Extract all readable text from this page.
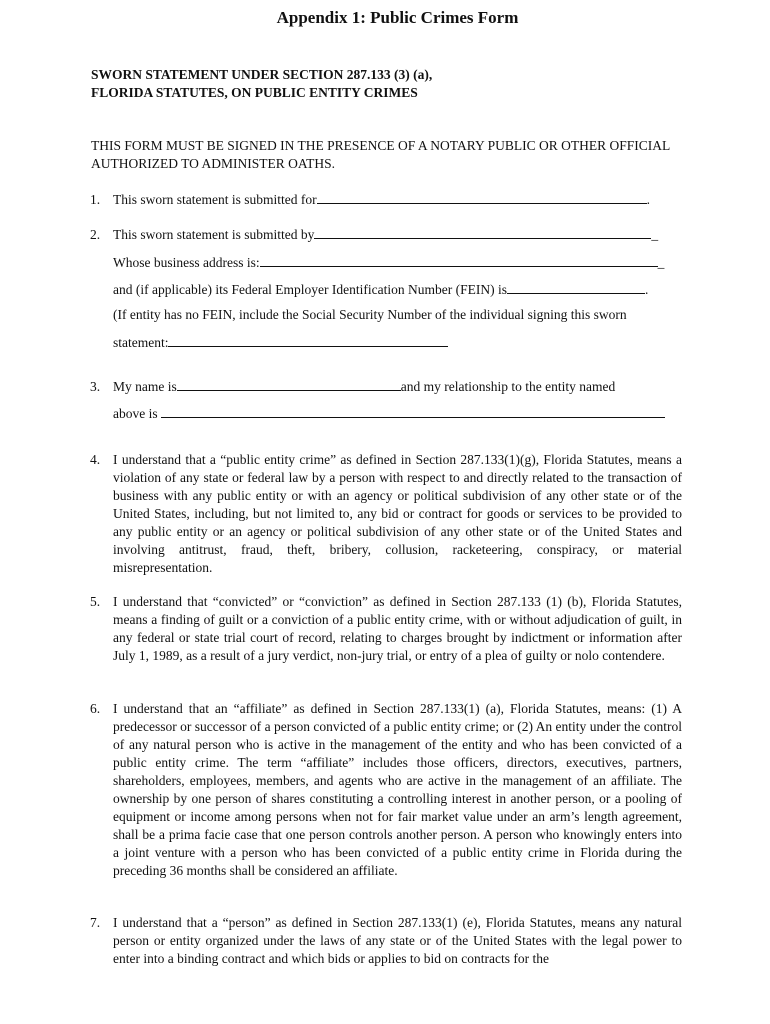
Appendix 1: Public Crimes Form
SWORN STATEMENT UNDER SECTION 287.133 (3) (a),
FLORIDA STATUTES, ON PUBLIC ENTITY CRIMES
THIS FORM MUST BE SIGNED IN THE PRESENCE OF A NOTARY PUBLIC OR OTHER OFFICIAL AUTHORIZED TO ADMINISTER OATHS.
1. This sworn statement is submitted for	.
2. This sworn statement is submitted by	_
Whose business address is:	_
and (if applicable) its Federal Employer Identification Number (FEIN) is	.
(If entity has no FEIN, include the Social Security Number of the individual signing this sworn
statement:
3. My name is	and my relationship to the entity named
above is
4. I understand that a “public entity crime” as defined in Section 287.133(1)(g), Florida Statutes, means a violation of any state or federal law by a person with respect to and directly related to the transaction of business with any public entity or with an agency or political subdivision of any other state or of the United States, including, but not limited to, any bid or contract for goods or services to be provided to any public entity or an agency or political subdivision of any other state or of the United States and involving antitrust, fraud, theft, bribery, collusion, racketeering, conspiracy, or material misrepresentation.
5. I understand that “convicted” or “conviction” as defined in Section 287.133 (1) (b), Florida Statutes, means a finding of guilt or a conviction of a public entity crime, with or without adjudication of guilt, in any federal or state trial court of record, relating to charges brought by indictment or information after July 1, 1989, as a result of a jury verdict, non-jury trial, or entry of a plea of guilty or nolo contendere.
6. I understand that an “affiliate” as defined in Section 287.133(1) (a), Florida Statutes, means: (1) A predecessor or successor of a person convicted of a public entity crime; or (2) An entity under the control of any natural person who is active in the management of the entity and who has been convicted of a public entity crime. The term “affiliate” includes those officers, directors, executives, partners, shareholders, employees, members, and agents who are active in the management of an affiliate. The ownership by one person of shares constituting a controlling interest in another person, or a pooling of equipment or income among persons when not for fair market value under an arm’s length agreement, shall be a prima facie case that one person controls another person. A person who knowingly enters into a joint venture with a person who has been convicted of a public entity crime in Florida during the preceding 36 months shall be considered an affiliate.
7. I understand that a “person” as defined in Section 287.133(1) (e), Florida Statutes, means any natural person or entity organized under the laws of any state or of the United States with the legal power to enter into a binding contract and which bids or applies to bid on contracts for the
